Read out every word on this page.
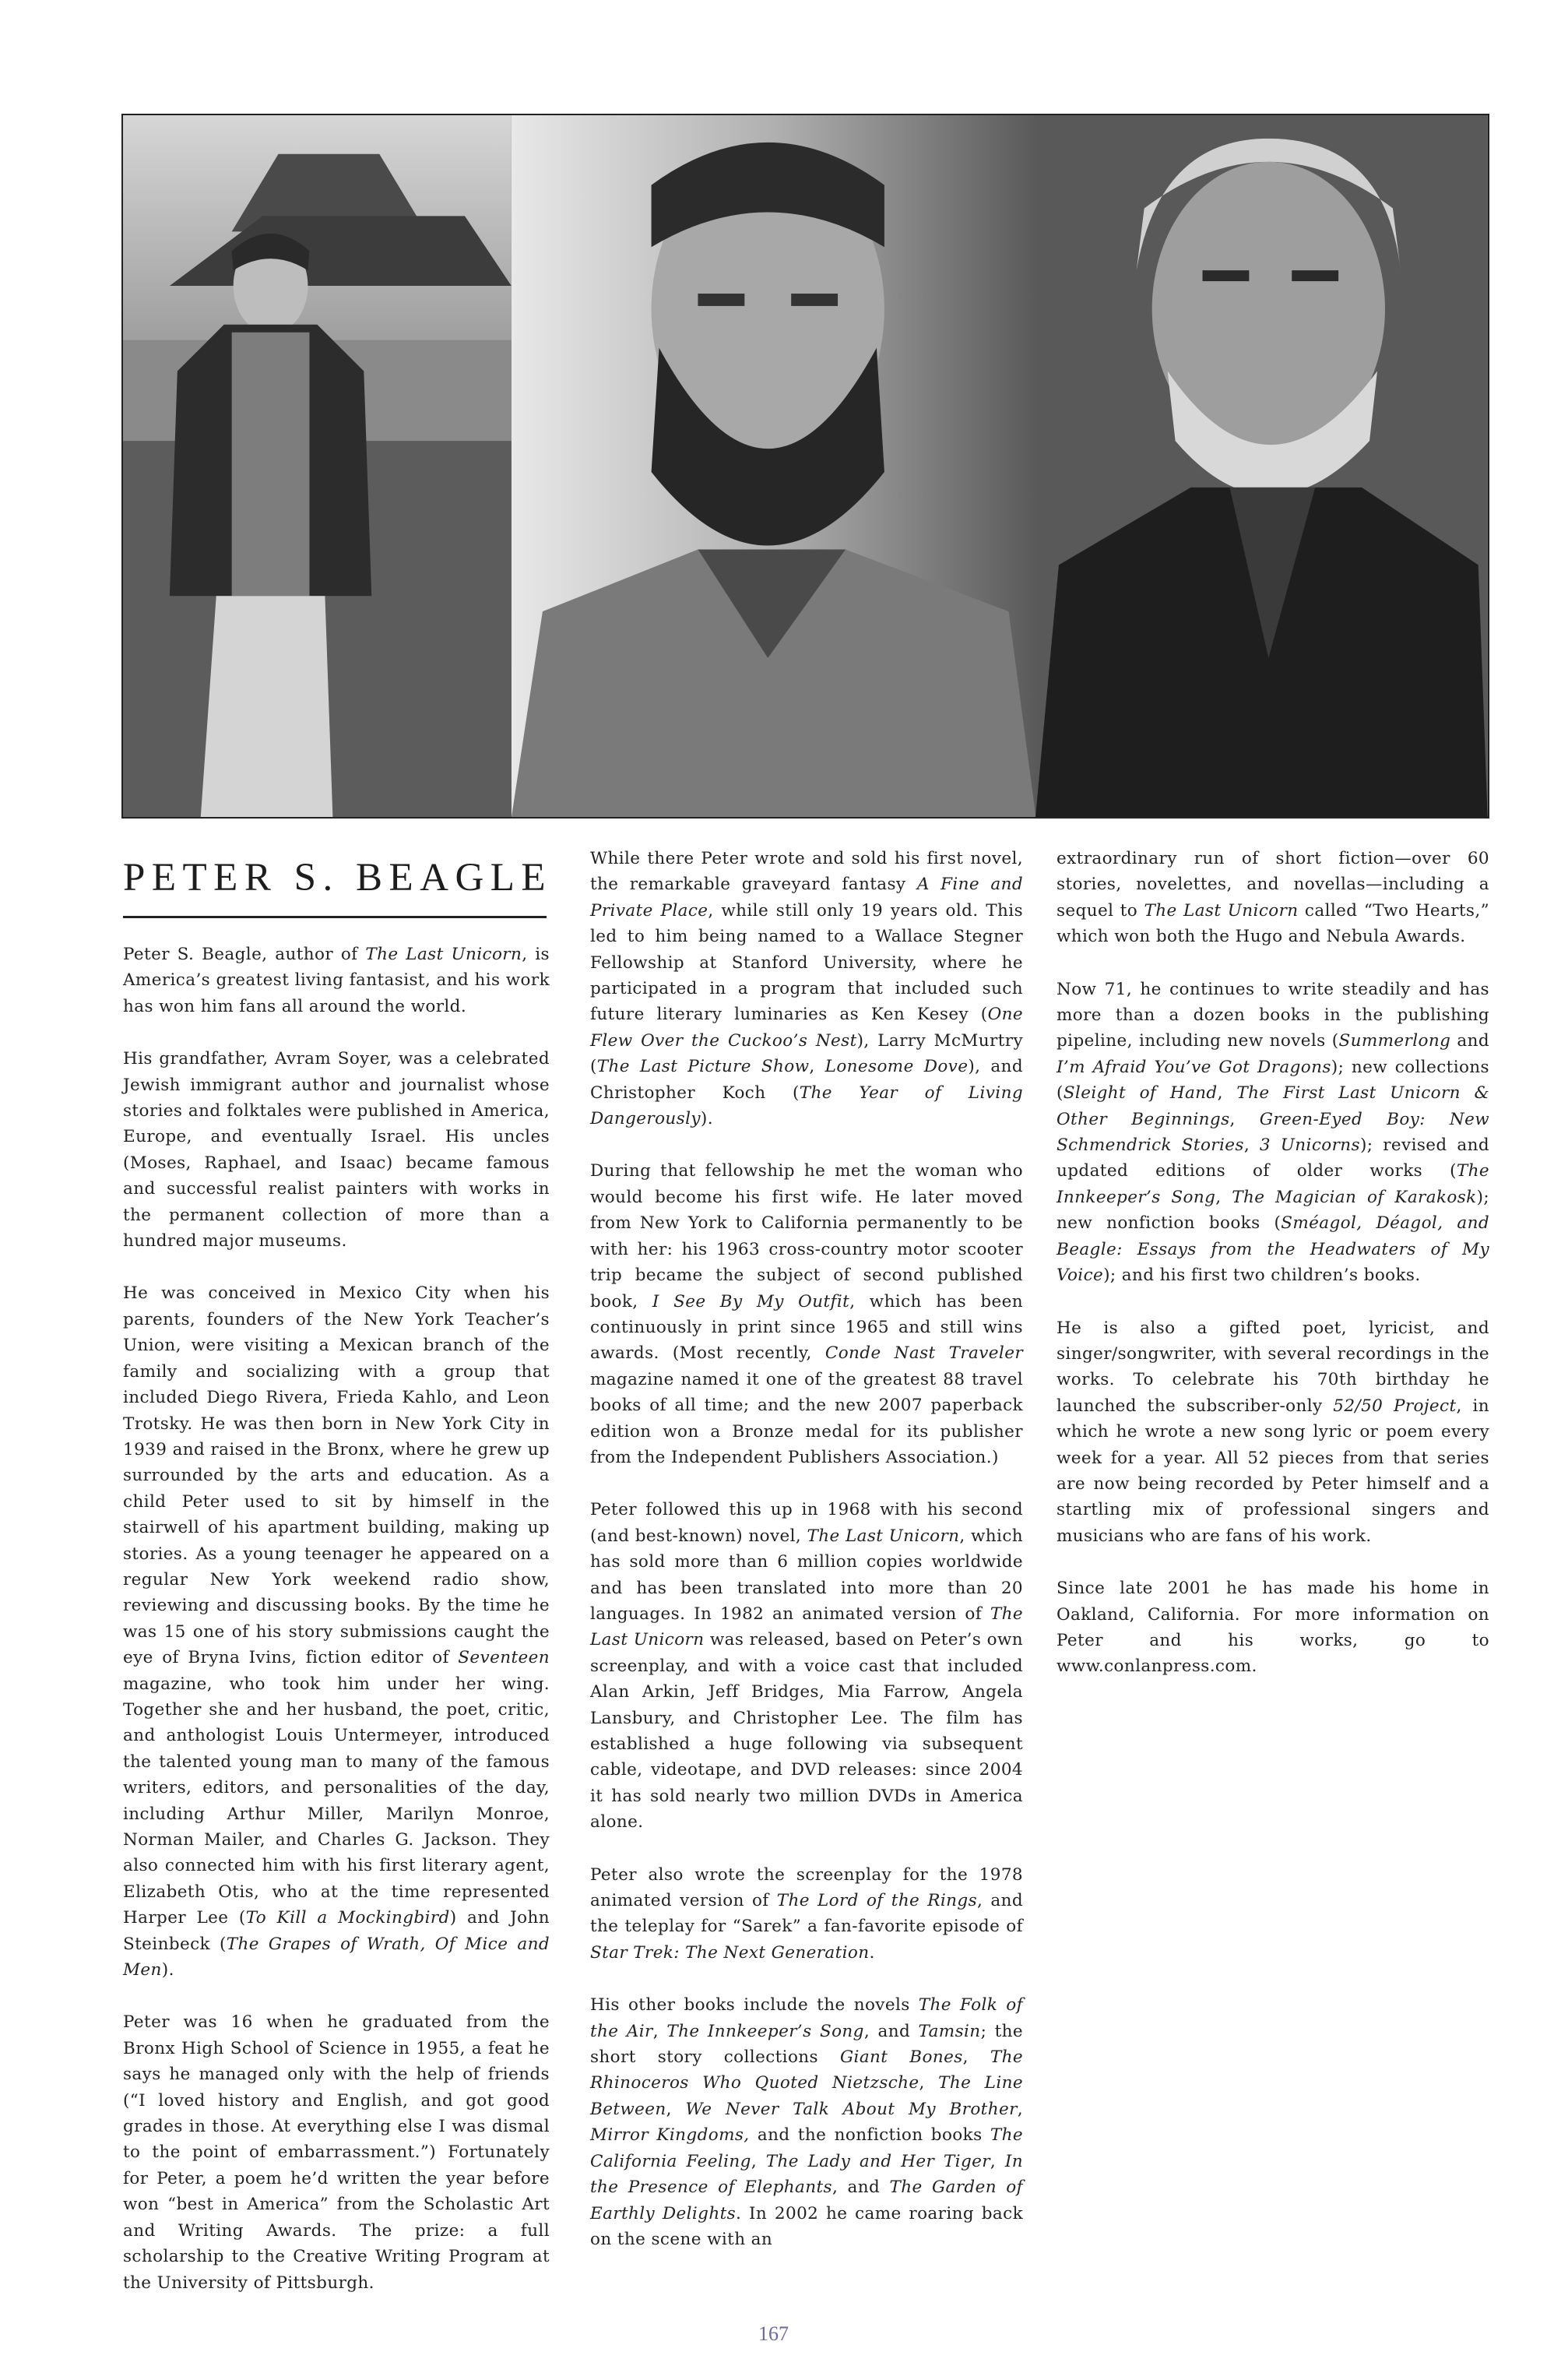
PETER S. BEAGLE

Peter S. Beagle, author of The Last Unicorn, is America’s greatest living fantasist, and his work has won him fans all around the world.

His grandfather, Avram Soyer, was a celebrated Jewish immigrant author and journalist whose stories and folktales were published in America, Europe, and eventually Israel. His uncles (Moses, Raphael, and Isaac) became famous and successful realist painters with works in the permanent collection of more than a hundred major museums.

He was conceived in Mexico City when his parents, founders of the New York Teacher’s Union, were visiting a Mexican branch of the family and socializing with a group that included Diego Rivera, Frieda Kahlo, and Leon Trotsky. He was then born in New York City in 1939 and raised in the Bronx, where he grew up surrounded by the arts and education. As a child Peter used to sit by himself in the stairwell of his apartment building, making up stories. As a young teenager he appeared on a regular New York weekend radio show, reviewing and discussing books. By the time he was 15 one of his story submissions caught the eye of Bryna Ivins, fiction editor of Seventeen magazine, who took him under her wing. Together she and her husband, the poet, critic, and anthologist Louis Untermeyer, introduced the talented young man to many of the famous writers, editors, and personalities of the day, including Arthur Miller, Marilyn Monroe, Norman Mailer, and Charles G. Jackson. They also connected him with his first literary agent, Elizabeth Otis, who at the time represented Harper Lee (To Kill a Mockingbird) and John Steinbeck (The Grapes of Wrath, Of Mice and Men).

Peter was 16 when he graduated from the Bronx High School of Science in 1955, a feat he says he managed only with the help of friends (“I loved history and English, and got good grades in those. At everything else I was dismal to the point of embarrassment.”) Fortunately for Peter, a poem he’d written the year before won “best in America” from the Scholastic Art and Writing Awards. The prize: a full scholarship to the Creative Writing Program at the University of Pittsburgh.

While there Peter wrote and sold his first novel, the remarkable graveyard fantasy A Fine and Private Place, while still only 19 years old. This led to him being named to a Wallace Stegner Fellowship at Stanford University, where he participated in a program that included such future literary luminaries as Ken Kesey (One Flew Over the Cuckoo’s Nest), Larry McMurtry (The Last Picture Show, Lonesome Dove), and Christopher Koch (The Year of Living Dangerously).

During that fellowship he met the woman who would become his first wife. He later moved from New York to California permanently to be with her: his 1963 cross-country motor scooter trip became the subject of second published book, I See By My Outfit, which has been continuously in print since 1965 and still wins awards. (Most recently, Conde Nast Traveler magazine named it one of the greatest 88 travel books of all time; and the new 2007 paperback edition won a Bronze medal for its publisher from the Independent Publishers Association.)

Peter followed this up in 1968 with his second (and best-known) novel, The Last Unicorn, which has sold more than 6 million copies worldwide and has been translated into more than 20 languages. In 1982 an animated version of The Last Unicorn was released, based on Peter’s own screenplay, and with a voice cast that included Alan Arkin, Jeff Bridges, Mia Farrow, Angela Lansbury, and Christopher Lee. The film has established a huge following via subsequent cable, videotape, and DVD releases: since 2004 it has sold nearly two million DVDs in America alone.

Peter also wrote the screenplay for the 1978 animated version of The Lord of the Rings, and the teleplay for “Sarek” a fan-favorite episode of Star Trek: The Next Generation.

His other books include the novels The Folk of the Air, The Innkeeper’s Song, and Tamsin; the short story collections Giant Bones, The Rhinoceros Who Quoted Nietzsche, The Line Between, We Never Talk About My Brother, Mirror Kingdoms, and the nonfiction books The California Feeling, The Lady and Her Tiger, In the Presence of Elephants, and The Garden of Earthly Delights. In 2002 he came roaring back on the scene with an

extraordinary run of short fiction—over 60 stories, novelettes, and novellas—including a sequel to The Last Unicorn called “Two Hearts,” which won both the Hugo and Nebula Awards.

Now 71, he continues to write steadily and has more than a dozen books in the publishing pipeline, including new novels (Summerlong and I’m Afraid You’ve Got Dragons); new collections (Sleight of Hand, The First Last Unicorn & Other Beginnings, Green-Eyed Boy: New Schmendrick Stories, 3 Unicorns); revised and updated editions of older works (The Innkeeper’s Song, The Magician of Karakosk); new nonfiction books (Sméagol, Déagol, and Beagle: Essays from the Headwaters of My Voice); and his first two children’s books.

He is also a gifted poet, lyricist, and singer/songwriter, with several recordings in the works. To celebrate his 70th birthday he launched the subscriber-only 52/50 Project, in which he wrote a new song lyric or poem every week for a year. All 52 pieces from that series are now being recorded by Peter himself and a startling mix of professional singers and musicians who are fans of his work.

Since late 2001 he has made his home in Oakland, California. For more information on Peter and his works, go to www.conlanpress.com.

167
